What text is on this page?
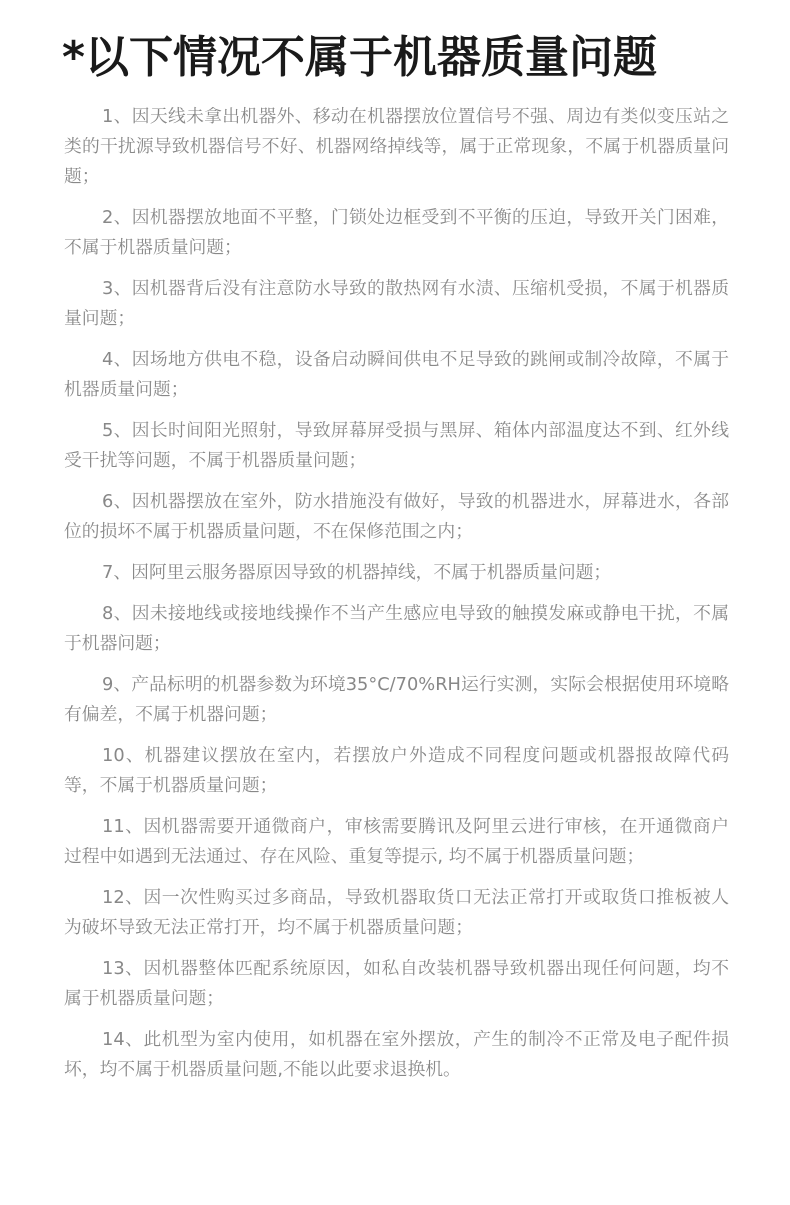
*以下情况不属于机器质量问题
1、因天线未拿出机器外、移动在机器摆放位置信号不强、周边有类似变压站之类的干扰源导致机器信号不好、机器网络掉线等，属于正常现象，不属于机器质量问题；
2、因机器摆放地面不平整，门锁处边框受到不平衡的压迫，导致开关门困难，不属于机器质量问题；
3、因机器背后没有注意防水导致的散热网有水渍、压缩机受损，不属于机器质量问题；
4、因场地方供电不稳，设备启动瞬间供电不足导致的跳闸或制冷故障，不属于机器质量问题；
5、因长时间阳光照射，导致屏幕屏受损与黑屏、箱体内部温度达不到、红外线受干扰等问题，不属于机器质量问题；
6、因机器摆放在室外，防水措施没有做好，导致的机器进水，屏幕进水，各部位的损坏不属于机器质量问题，不在保修范围之内；
7、因阿里云服务器原因导致的机器掉线，不属于机器质量问题；
8、因未接地线或接地线操作不当产生感应电导致的触摸发麻或静电干扰，不属于机器问题；
9、产品标明的机器参数为环境35°C/70%RH运行实测，实际会根据使用环境略有偏差，不属于机器问题；
10、机器建议摆放在室内，若摆放户外造成不同程度问题或机器报故障代码等，不属于机器质量问题；
11、因机器需要开通微商户，审核需要腾讯及阿里云进行审核，在开通微商户过程中如遇到无法通过、存在风险、重复等提示, 均不属于机器质量问题；
12、因一次性购买过多商品，导致机器取货口无法正常打开或取货口推板被人为破坏导致无法正常打开，均不属于机器质量问题；
13、因机器整体匹配系统原因，如私自改装机器导致机器出现任何问题，均不属于机器质量问题；
14、此机型为室内使用，如机器在室外摆放，产生的制冷不正常及电子配件损坏，均不属于机器质量问题,不能以此要求退换机。
